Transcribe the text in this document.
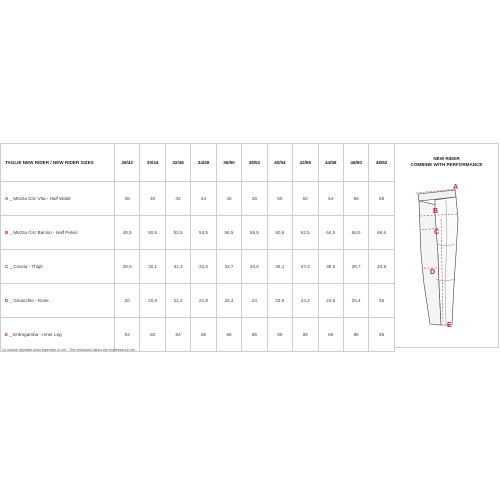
TAGLIE NEW RIDER / NEW RIDER SIZES	28/42	30/44	32/46	34/48	36/50	38/52	40/54	42/56	44/58	46/60	48/62
A _ Mezza Circ Vita - Half Waist	38	40	42	44	46	48	50	52	54	56	58
B _ Mezza Circ Bacino - Half Pelvis	48,5	50,5	52,5	54,5	56,5	58,5	60,5	62,5	64,5	66,5	68,5
C _ Coscia - Thigh	28,9	30,1	31,3	32,5	33,7	34,9	36,1	37,3	38,5	39,7	40,9
D _ Ginocchio - Knee	20	20,6	21,2	21,8	22,4	23	23,6	24,2	24,8	25,4	26
E _ Entrogamba - Inner Leg	82	83	84	85	86	86	86	86	86	86	86
NEW RIDER
COMBINE WITH PERFORMANCE
A
B
C
D
E
Le misure riportate sono espresse in cm - The measures taken are expressed in cm
